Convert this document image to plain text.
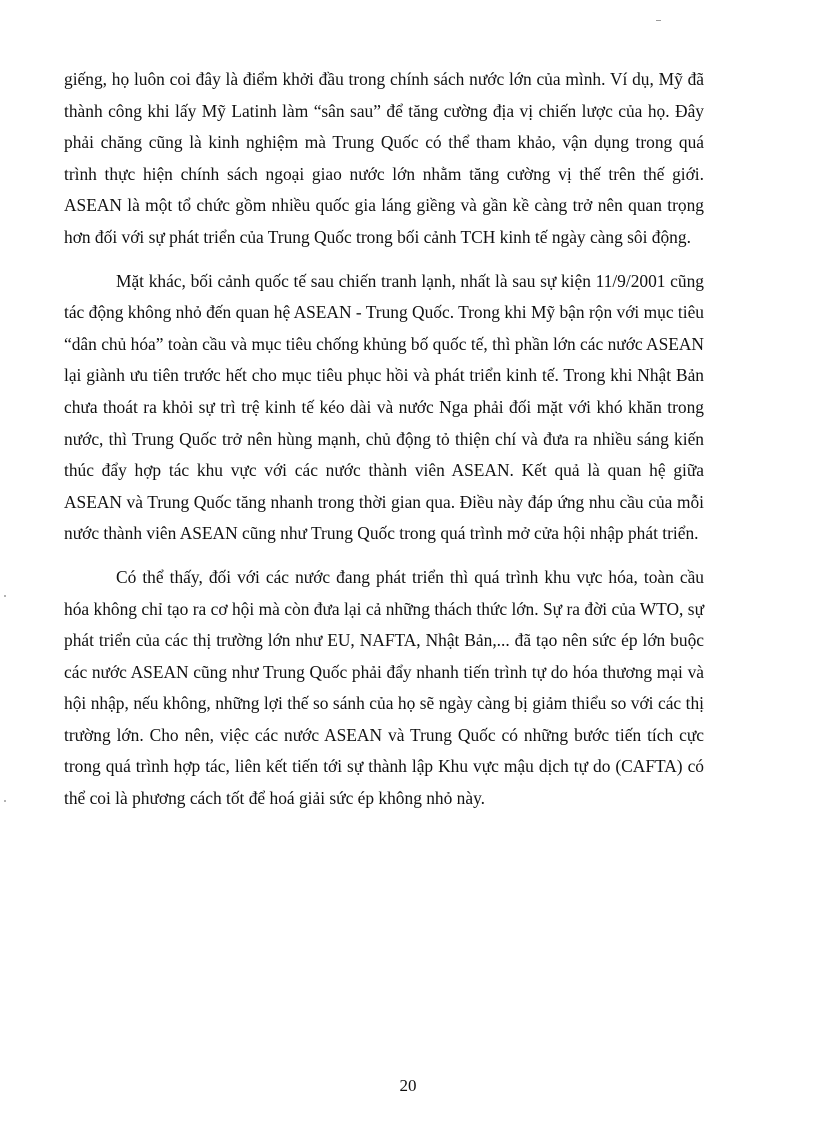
giếng, họ luôn coi đây là điểm khởi đầu trong chính sách nước lớn của mình. Ví dụ, Mỹ đã thành công khi lấy Mỹ Latinh làm “sân sau” để tăng cường địa vị chiến lược của họ. Đây phải chăng cũng là kinh nghiệm mà Trung Quốc có thể tham khảo, vận dụng trong quá trình thực hiện chính sách ngoại giao nước lớn nhằm tăng cường vị thế trên thế giới. ASEAN là một tổ chức gồm nhiều quốc gia láng giềng và gần kề càng trở nên quan trọng hơn đối với sự phát triển của Trung Quốc trong bối cảnh TCH kinh tế ngày càng sôi động.

Mặt khác, bối cảnh quốc tế sau chiến tranh lạnh, nhất là sau sự kiện 11/9/2001 cũng tác động không nhỏ đến quan hệ ASEAN - Trung Quốc. Trong khi Mỹ bận rộn với mục tiêu “dân chủ hóa” toàn cầu và mục tiêu chống khủng bố quốc tế, thì phần lớn các nước ASEAN lại giành ưu tiên trước hết cho mục tiêu phục hồi và phát triển kinh tế. Trong khi Nhật Bản chưa thoát ra khỏi sự trì trệ kinh tế kéo dài và nước Nga phải đối mặt với khó khăn trong nước, thì Trung Quốc trở nên hùng mạnh, chủ động tỏ thiện chí và đưa ra nhiều sáng kiến thúc đẩy hợp tác khu vực với các nước thành viên ASEAN. Kết quả là quan hệ giữa ASEAN và Trung Quốc tăng nhanh trong thời gian qua. Điều này đáp ứng nhu cầu của mỗi nước thành viên ASEAN cũng như Trung Quốc trong quá trình mở cửa hội nhập phát triển.

Có thể thấy, đối với các nước đang phát triển thì quá trình khu vực hóa, toàn cầu hóa không chỉ tạo ra cơ hội mà còn đưa lại cả những thách thức lớn. Sự ra đời của WTO, sự phát triển của các thị trường lớn như EU, NAFTA, Nhật Bản,... đã tạo nên sức ép lớn buộc các nước ASEAN cũng như Trung Quốc phải đẩy nhanh tiến trình tự do hóa thương mại và hội nhập, nếu không, những lợi thế so sánh của họ sẽ ngày càng bị giảm thiểu so với các thị trường lớn. Cho nên, việc các nước ASEAN và Trung Quốc có những bước tiến tích cực trong quá trình hợp tác, liên kết tiến tới sự thành lập Khu vực mậu dịch tự do (CAFTA) có thể coi là phương cách tốt để hoá giải sức ép không nhỏ này.

20
